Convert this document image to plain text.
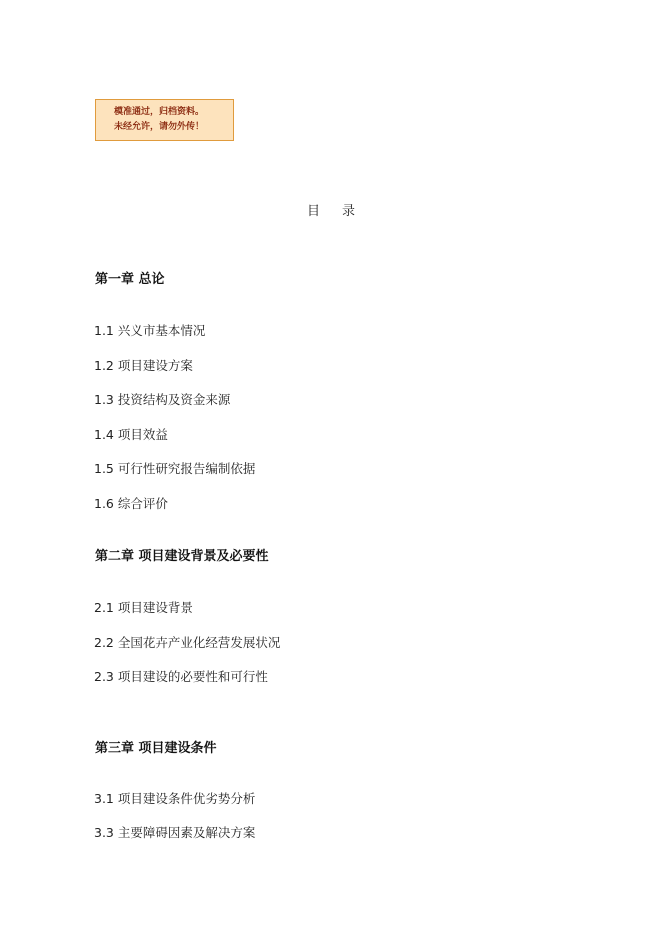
模准通过，归档资料。
未经允许，请勿外传！
目 录
第一章 总论
1.1 兴义市基本情况
1.2 项目建设方案
1.3 投资结构及资金来源
1.4 项目效益
1.5 可行性研究报告编制依据
1.6 综合评价
第二章 项目建设背景及必要性
2.1 项目建设背景
2.2 全国花卉产业化经营发展状况
2.3 项目建设的必要性和可行性
第三章 项目建设条件
3.1 项目建设条件优劣势分析
3.3 主要障碍因素及解决方案
